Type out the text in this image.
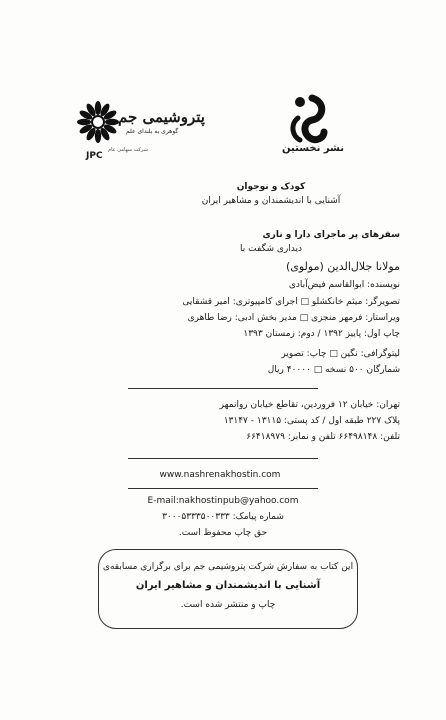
JPC
پتروشیمی جم
گوهری به بلندای علم
شرکت سهامی عام	نشر نخستین
کودک و نوجوان
آشنایی با اندیشمندان و مشاهیر ایران
سفرهای پر ماجرای دارا و ناری
دیداری شگفت با
مولانا جلال‌الدین (مولوی)
نویسنده: ابوالقاسم فیض‌آبادی
تصویرگر: میثم خانکشلو □ اجرای کامپیوتری: امیر قشقایی
ویراستار: فرمهر منجزی □ مدیر بخش ادبی: رضا طاهری
چاپ اول: پاییز ۱۳۹۲ / دوم: زمستان ۱۳۹۳
لیتوگرافی: نگین □ چاپ: تصویر
شمارگان ۵۰۰ نسخه □ ۴۰۰۰۰ ریال
تهران: خیابان ۱۲ فروردین، تقاطع خیابان روانمهر
پلاک ۲۲۷ طبقه اول / کد پستی: ۱۳۱۱۵ - ۱۳۱۴۷
تلفن: ۶۶۴۹۸۱۴۸ تلفن و نمابر: ۶۶۴۱۸۹۷۹
www.nashrenakhostin.com
E-mail:nakhostinpub@yahoo.com
شماره پیامک: ۳۰۰۰۵۳۳۳۵۰۰۳۳۳
حق چاپ محفوظ است.

این کتاب به سفارش شرکت پتروشیمی جم برای برگزاری مسابقه‌ی

آشنایی با اندیشمندان و مشاهیر ایران

چاپ و منتشر شده است.
